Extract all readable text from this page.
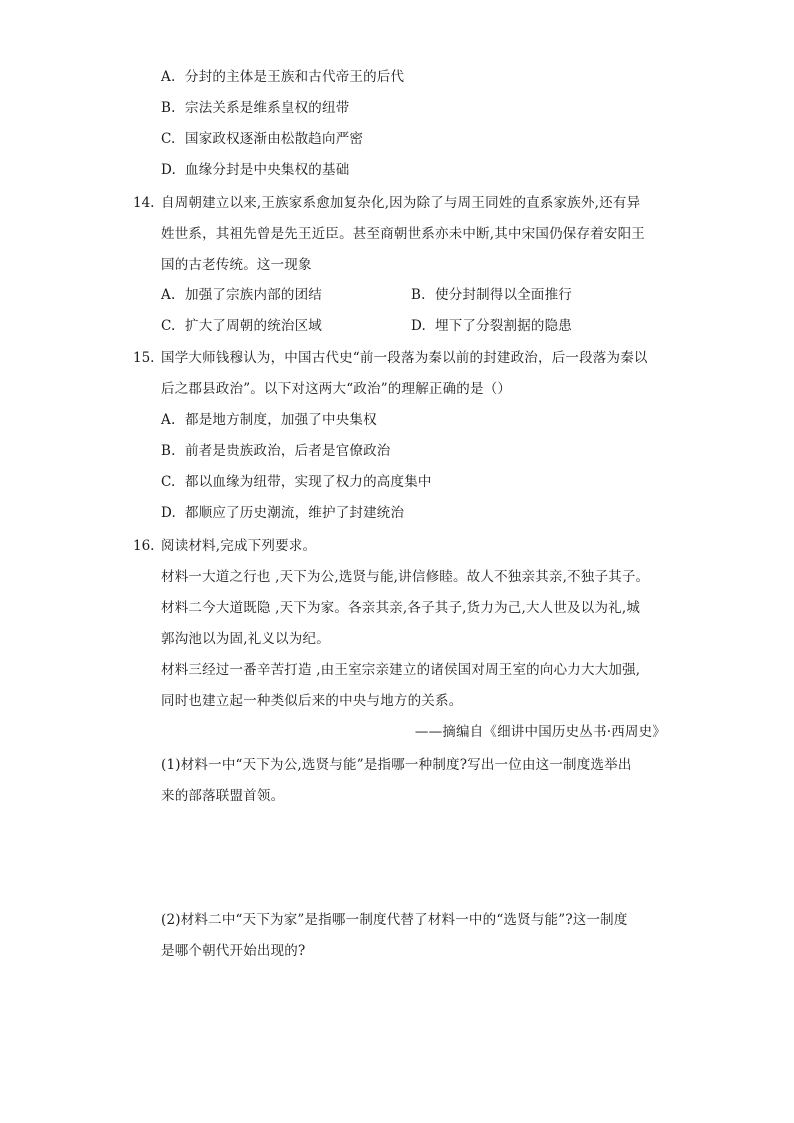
A. 分封的主体是王族和古代帝王的后代
B. 宗法关系是维系皇权的纽带
C. 国家政权逐渐由松散趋向严密
D. 血缘分封是中央集权的基础
14. 自周朝建立以来,王族家系愈加复杂化,因为除了与周王同姓的直系家族外,还有异
姓世系，其祖先曾是先王近臣。甚至商朝世系亦未中断,其中宋国仍保存着安阳王
国的古老传统。这一现象
A. 加强了宗族内部的团结	B. 使分封制得以全面推行
C. 扩大了周朝的统治区域	D. 埋下了分裂割据的隐患
15. 国学大师钱穆认为，中国古代史“前一段落为秦以前的封建政治，后一段落为秦以
后之郡县政治”。以下对这两大“政治”的理解正确的是（）
A. 都是地方制度，加强了中央集权
B. 前者是贵族政治，后者是官僚政治
C. 都以血缘为纽带，实现了权力的高度集中
D. 都顺应了历史潮流，维护了封建统治
16. 阅读材料,完成下列要求。
材料一大道之行也 ,天下为公,选贤与能,讲信修睦。故人不独亲其亲,不独子其子。
材料二今大道既隐 ,天下为家。各亲其亲,各子其子,货力为己,大人世及以为礼,城
郭沟池以为固,礼义以为纪。
材料三经过一番辛苦打造 ,由王室宗亲建立的诸侯国对周王室的向心力大大加强,
同时也建立起一种类似后来的中央与地方的关系。
——摘编自《细讲中国历史丛书·西周史》
(1)材料一中“天下为公,选贤与能”是指哪一种制度?写出一位由这一制度选举出
来的部落联盟首领。
(2)材料二中“天下为家”是指哪一制度代替了材料一中的“选贤与能”?这一制度
是哪个朝代开始出现的?
